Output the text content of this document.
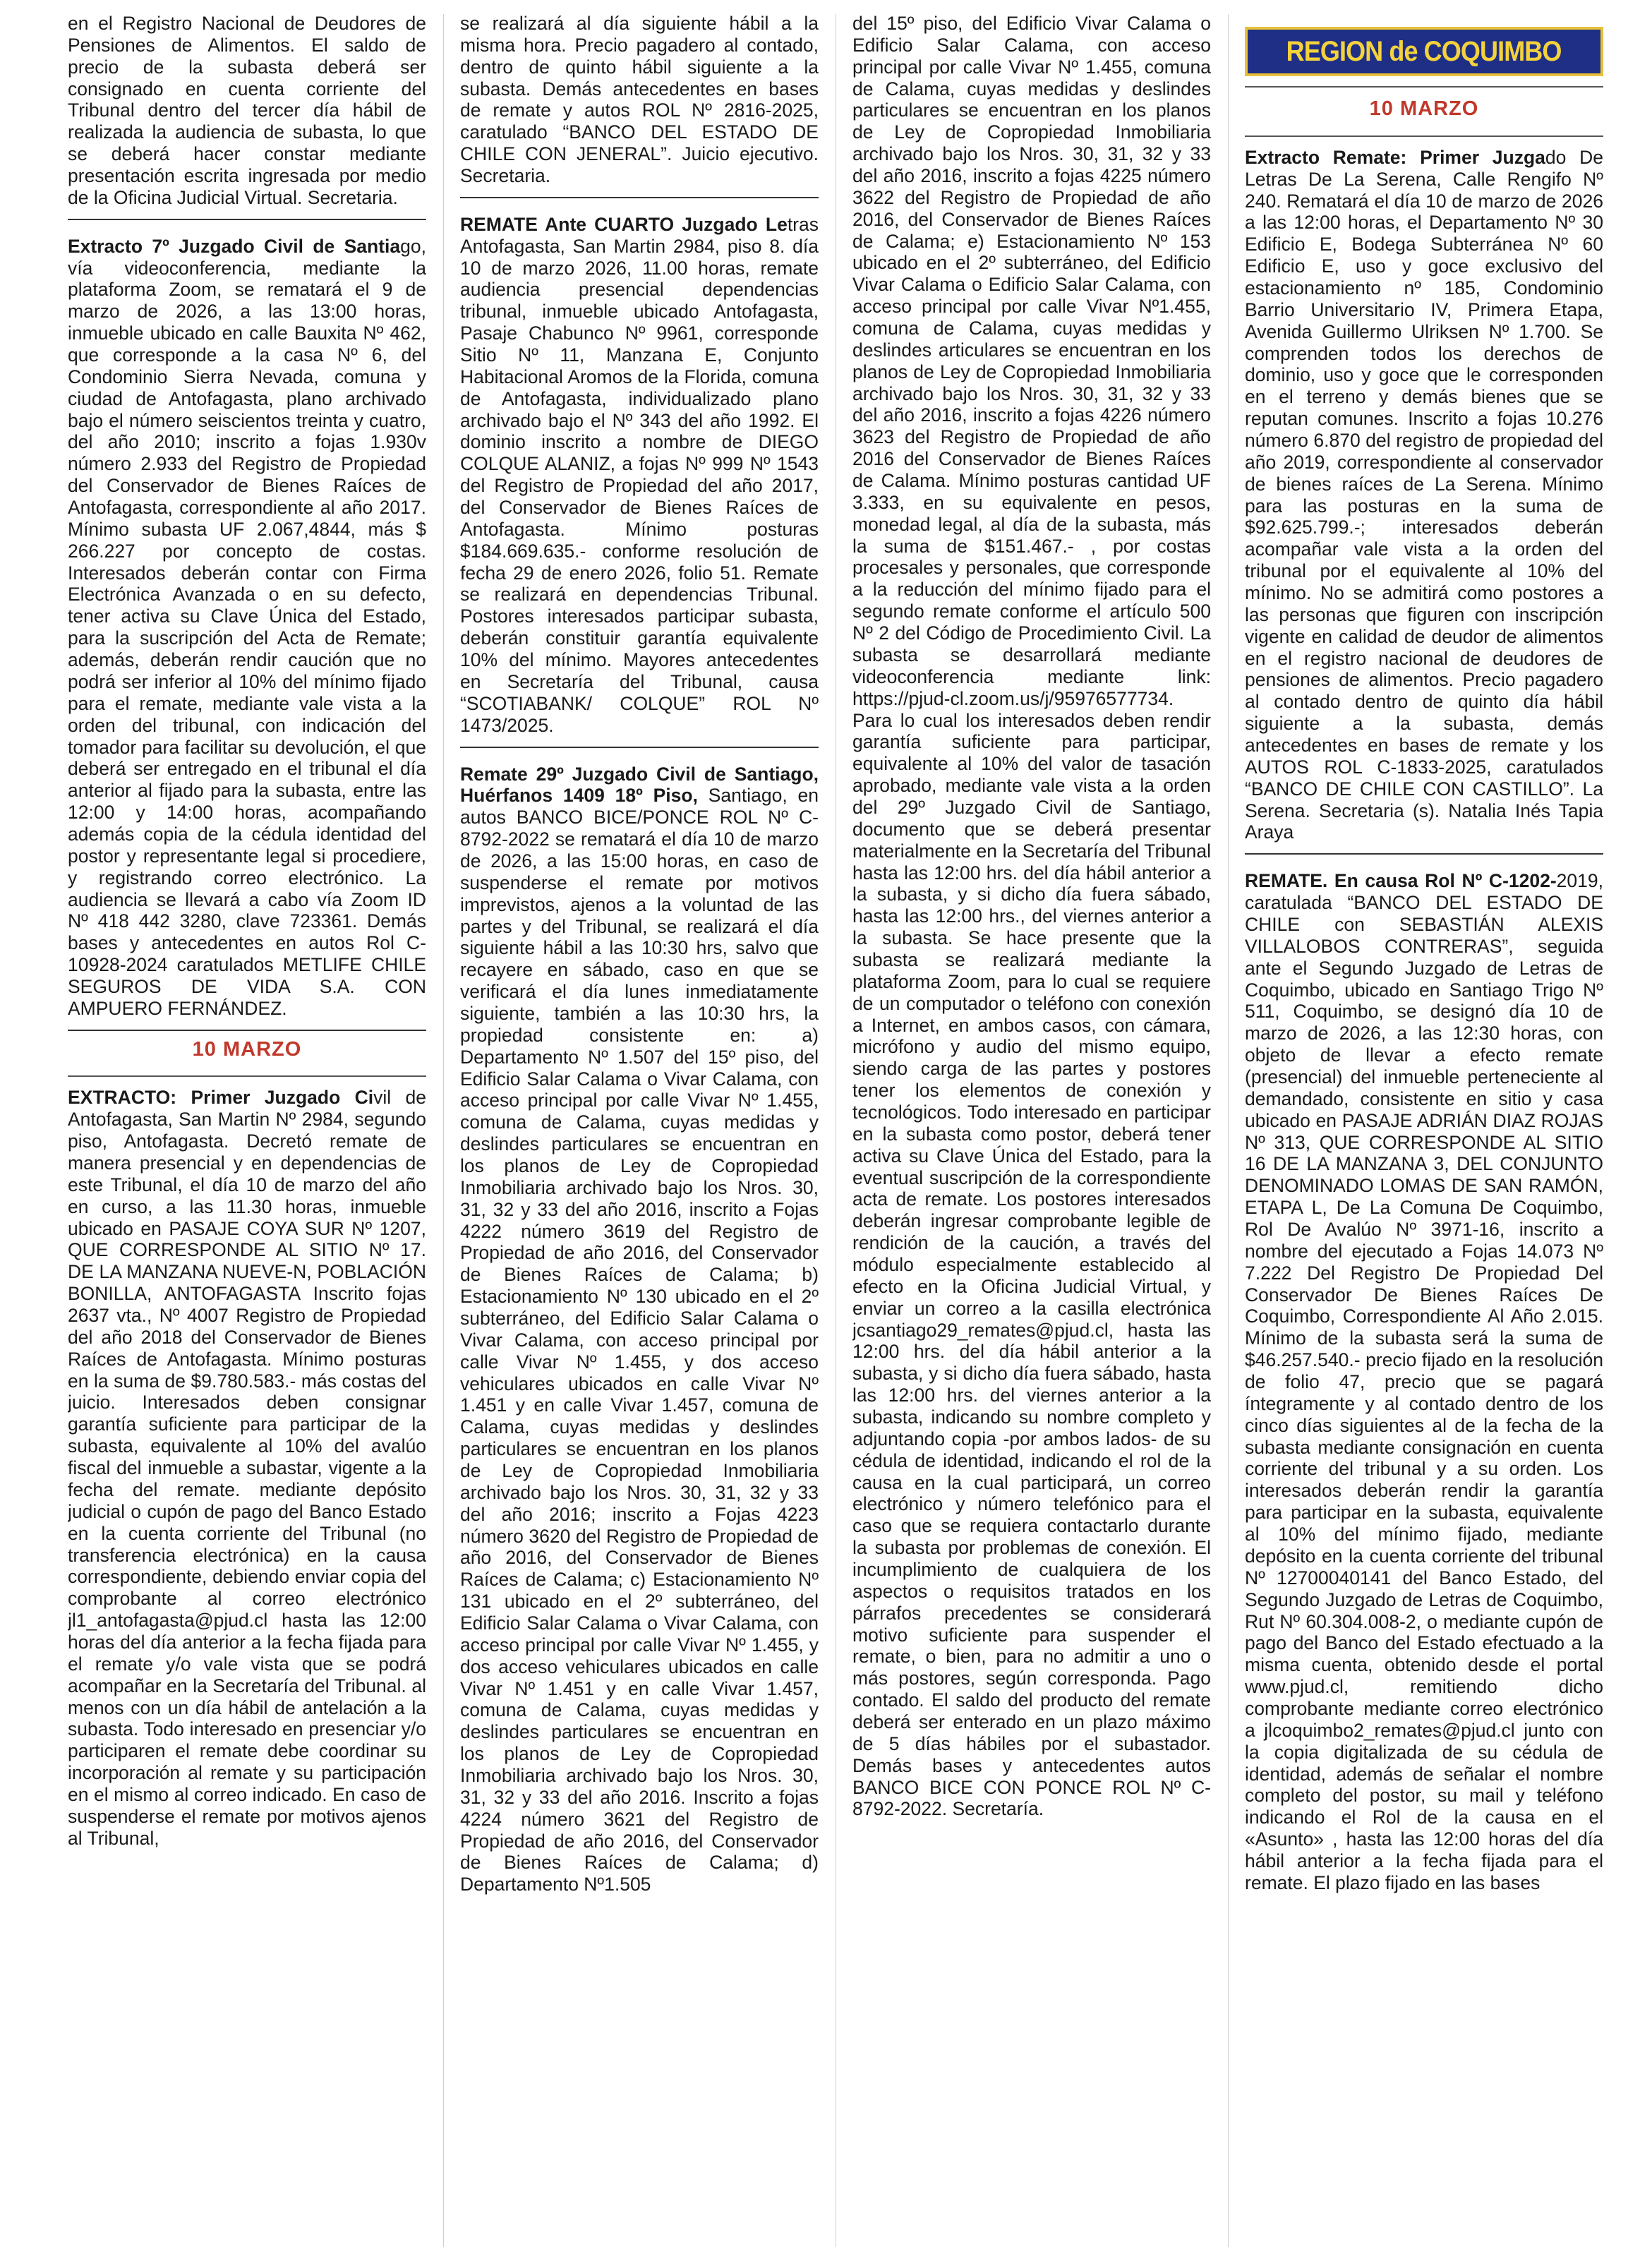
en el Registro Nacional de Deudores de Pensiones de Alimentos. El saldo de precio de la subasta deberá ser consignado en cuenta corriente del Tribunal dentro del tercer día hábil de realizada la audiencia de subasta, lo que se deberá hacer constar mediante presentación escrita ingresada por medio de la Oficina Judicial Virtual. Secretaria.

Extracto 7º Juzgado Civil de Santiago, vía videoconferencia, mediante la plataforma Zoom, se rematará el 9 de marzo de 2026, a las 13:00 horas, inmueble ubicado en calle Bauxita Nº 462, que corresponde a la casa Nº 6, del Condominio Sierra Nevada, comuna y ciudad de Antofagasta, plano archivado bajo el número seiscientos treinta y cuatro, del año 2010; inscrito a fojas 1.930v número 2.933 del Registro de Propiedad del Conservador de Bienes Raíces de Antofagasta, correspondiente al año 2017. Mínimo subasta UF 2.067,4844, más $ 266.227 por concepto de costas. Interesados deberán contar con Firma Electrónica Avanzada o en su defecto, tener activa su Clave Única del Estado, para la suscripción del Acta de Remate; además, deberán rendir caución que no podrá ser inferior al 10% del mínimo fijado para el remate, mediante vale vista a la orden del tribunal, con indicación del tomador para facilitar su devolución, el que deberá ser entregado en el tribunal el día anterior al fijado para la subasta, entre las 12:00 y 14:00 horas, acompañando además copia de la cédula identidad del postor y representante legal si procediere, y registrando correo electrónico. La audiencia se llevará a cabo vía Zoom ID Nº 418 442 3280, clave 723361. Demás bases y antecedentes en autos Rol C-10928-2024 caratulados METLIFE CHILE SEGUROS DE VIDA S.A. CON AMPUERO FERNÁNDEZ.

10 MARZO

EXTRACTO: Primer Juzgado Civil de Antofagasta, San Martin Nº 2984, segundo piso, Antofagasta. Decretó remate de manera presencial y en dependencias de este Tribunal, el día 10 de marzo del año en curso, a las 11.30 horas, inmueble ubicado en PASAJE COYA SUR Nº 1207, QUE CORRESPONDE AL SITIO Nº 17. DE LA MANZANA NUEVE-N, POBLACIÓN BONILLA, ANTOFAGASTA Inscrito fojas 2637 vta., Nº 4007 Registro de Propiedad del año 2018 del Conservador de Bienes Raíces de Antofagasta. Mínimo posturas en la suma de $9.780.583.- más costas del juicio. Interesados deben consignar garantía suficiente para participar de la subasta, equivalente al 10% del avalúo fiscal del inmueble a subastar, vigente a la fecha del remate. mediante depósito judicial o cupón de pago del Banco Estado en la cuenta corriente del Tribunal (no transferencia electrónica) en la causa correspondiente, debiendo enviar copia del comprobante al correo electrónico jl1_antofagasta@pjud.cl hasta las 12:00 horas del día anterior a la fecha fijada para el remate y/o vale vista que se podrá acompañar en la Secretaría del Tribunal. al menos con un día hábil de antelación a la subasta. Todo interesado en presenciar y/o participaren el remate debe coordinar su incorporación al remate y su participación en el mismo al correo indicado. En caso de suspenderse el remate por motivos ajenos al Tribunal,

se realizará al día siguiente hábil a la misma hora. Precio pagadero al contado, dentro de quinto hábil siguiente a la subasta. Demás antecedentes en bases de remate y autos ROL Nº 2816-2025, caratulado “BANCO DEL ESTADO DE CHILE CON JENERAL”. Juicio ejecutivo. Secretaria.

REMATE Ante CUARTO Juzgado Letras Antofagasta, San Martin 2984, piso 8. día 10 de marzo 2026, 11.00 horas, remate audiencia presencial dependencias tribunal, inmueble ubicado Antofagasta, Pasaje Chabunco Nº 9961, corresponde Sitio Nº 11, Manzana E, Conjunto Habitacional Aromos de la Florida, comuna de Antofagasta, individualizado plano archivado bajo el Nº 343 del año 1992. El dominio inscrito a nombre de DIEGO COLQUE ALANIZ, a fojas Nº 999 Nº 1543 del Registro de Propiedad del año 2017, del Conservador de Bienes Raíces de Antofagasta. Mínimo posturas $184.669.635.- conforme resolución de fecha 29 de enero 2026, folio 51. Remate se realizará en dependencias Tribunal. Postores interesados participar subasta, deberán constituir garantía equivalente 10% del mínimo. Mayores antecedentes en Secretaría del Tribunal, causa “SCOTIABANK/ COLQUE” ROL Nº 1473/2025.

Remate 29º Juzgado Civil de Santiago, Huérfanos 1409 18º Piso, Santiago, en autos BANCO BICE/PONCE ROL Nº C-8792-2022 se rematará el día 10 de marzo de 2026, a las 15:00 horas, en caso de suspenderse el remate por motivos imprevistos, ajenos a la voluntad de las partes y del Tribunal, se realizará el día siguiente hábil a las 10:30 hrs, salvo que recayere en sábado, caso en que se verificará el día lunes inmediatamente siguiente, también a las 10:30 hrs, la propiedad consistente en: a) Departamento Nº 1.507 del 15º piso, del Edificio Salar Calama o Vivar Calama, con acceso principal por calle Vivar Nº 1.455, comuna de Calama, cuyas medidas y deslindes particulares se encuentran en los planos de Ley de Copropiedad Inmobiliaria archivado bajo los Nros. 30, 31, 32 y 33 del año 2016, inscrito a Fojas 4222 número 3619 del Registro de Propiedad de año 2016, del Conservador de Bienes Raíces de Calama; b) Estacionamiento Nº 130 ubicado en el 2º subterráneo, del Edificio Salar Calama o Vivar Calama, con acceso principal por calle Vivar Nº 1.455, y dos acceso vehiculares ubicados en calle Vivar Nº 1.451 y en calle Vivar 1.457, comuna de Calama, cuyas medidas y deslindes particulares se encuentran en los planos de Ley de Copropiedad Inmobiliaria archivado bajo los Nros. 30, 31, 32 y 33 del año 2016; inscrito a Fojas 4223 número 3620 del Registro de Propiedad de año 2016, del Conservador de Bienes Raíces de Calama; c) Estacionamiento Nº 131 ubicado en el 2º subterráneo, del Edificio Salar Calama o Vivar Calama, con acceso principal por calle Vivar Nº 1.455, y dos acceso vehiculares ubicados en calle Vivar Nº 1.451 y en calle Vivar 1.457, comuna de Calama, cuyas medidas y deslindes particulares se encuentran en los planos de Ley de Copropiedad Inmobiliaria archivado bajo los Nros. 30, 31, 32 y 33 del año 2016. Inscrito a fojas 4224 número 3621 del Registro de Propiedad de año 2016, del Conservador de Bienes Raíces de Calama; d) Departamento Nº1.505

del 15º piso, del Edificio Vivar Calama o Edificio Salar Calama, con acceso principal por calle Vivar Nº 1.455, comuna de Calama, cuyas medidas y deslindes particulares se encuentran en los planos de Ley de Copropiedad Inmobiliaria archivado bajo los Nros. 30, 31, 32 y 33 del año 2016, inscrito a fojas 4225 número 3622 del Registro de Propiedad de año 2016, del Conservador de Bienes Raíces de Calama; e) Estacionamiento Nº 153 ubicado en el 2º subterráneo, del Edificio Vivar Calama o Edificio Salar Calama, con acceso principal por calle Vivar Nº1.455, comuna de Calama, cuyas medidas y deslindes articulares se encuentran en los planos de Ley de Copropiedad Inmobiliaria archivado bajo los Nros. 30, 31, 32 y 33 del año 2016, inscrito a fojas 4226 número 3623 del Registro de Propiedad de año 2016 del Conservador de Bienes Raíces de Calama. Mínimo posturas cantidad UF 3.333, en su equivalente en pesos, monedad legal, al día de la subasta, más la suma de $151.467.- , por costas procesales y personales, que corresponde a la reducción del mínimo fijado para el segundo remate conforme el artículo 500 Nº 2 del Código de Procedimiento Civil. La subasta se desarrollará mediante videoconferencia mediante link: https://pjud-cl.zoom.us/j/95976577734. Para lo cual los interesados deben rendir garantía suficiente para participar, equivalente al 10% del valor de tasación aprobado, mediante vale vista a la orden del 29º Juzgado Civil de Santiago, documento que se deberá presentar materialmente en la Secretaría del Tribunal hasta las 12:00 hrs. del día hábil anterior a la subasta, y si dicho día fuera sábado, hasta las 12:00 hrs., del viernes anterior a la subasta. Se hace presente que la subasta se realizará mediante la plataforma Zoom, para lo cual se requiere de un computador o teléfono con conexión a Internet, en ambos casos, con cámara, micrófono y audio del mismo equipo, siendo carga de las partes y postores tener los elementos de conexión y tecnológicos. Todo interesado en participar en la subasta como postor, deberá tener activa su Clave Única del Estado, para la eventual suscripción de la correspondiente acta de remate. Los postores interesados deberán ingresar comprobante legible de rendición de la caución, a través del módulo especialmente establecido al efecto en la Oficina Judicial Virtual, y enviar un correo a la casilla electrónica jcsantiago29_remates@pjud.cl, hasta las 12:00 hrs. del día hábil anterior a la subasta, y si dicho día fuera sábado, hasta las 12:00 hrs. del viernes anterior a la subasta, indicando su nombre completo y adjuntando copia -por ambos lados- de su cédula de identidad, indicando el rol de la causa en la cual participará, un correo electrónico y número telefónico para el caso que se requiera contactarlo durante la subasta por problemas de conexión. El incumplimiento de cualquiera de los aspectos o requisitos tratados en los párrafos precedentes se considerará motivo suficiente para suspender el remate, o bien, para no admitir a uno o más postores, según corresponda. Pago contado. El saldo del producto del remate deberá ser enterado en un plazo máximo de 5 días hábiles por el subastador. Demás bases y antecedentes autos BANCO BICE CON PONCE ROL Nº C-8792-2022. Secretaría.

REGION de COQUIMBO
10 MARZO

Extracto Remate: Primer Juzgado De Letras De La Serena, Calle Rengifo Nº 240. Rematará el día 10 de marzo de 2026 a las 12:00 horas, el Departamento Nº 30 Edificio E, Bodega Subterránea Nº 60 Edificio E, uso y goce exclusivo del estacionamiento nº 185, Condominio Barrio Universitario IV, Primera Etapa, Avenida Guillermo Ulriksen Nº 1.700. Se comprenden todos los derechos de dominio, uso y goce que le corresponden en el terreno y demás bienes que se reputan comunes. Inscrito a fojas 10.276 número 6.870 del registro de propiedad del año 2019, correspondiente al conservador de bienes raíces de La Serena. Mínimo para las posturas en la suma de $92.625.799.-; interesados deberán acompañar vale vista a la orden del tribunal por el equivalente al 10% del mínimo. No se admitirá como postores a las personas que figuren con inscripción vigente en calidad de deudor de alimentos en el registro nacional de deudores de pensiones de alimentos. Precio pagadero al contado dentro de quinto día hábil siguiente a la subasta, demás antecedentes en bases de remate y los AUTOS ROL C-1833-2025, caratulados “BANCO DE CHILE CON CASTILLO”. La Serena. Secretaria (s). Natalia Inés Tapia Araya

REMATE. En causa Rol Nº C-1202-2019, caratulada “BANCO DEL ESTADO DE CHILE con SEBASTIÁN ALEXIS VILLALOBOS CONTRERAS”, seguida ante el Segundo Juzgado de Letras de Coquimbo, ubicado en Santiago Trigo Nº 511, Coquimbo, se designó día 10 de marzo de 2026, a las 12:30 horas, con objeto de llevar a efecto remate (presencial) del inmueble perteneciente al demandado, consistente en sitio y casa ubicado en PASAJE ADRIÁN DIAZ ROJAS Nº 313, QUE CORRESPONDE AL SITIO 16 DE LA MANZANA 3, DEL CONJUNTO DENOMINADO LOMAS DE SAN RAMÓN, ETAPA L, De La Comuna De Coquimbo, Rol De Avalúo Nº 3971-16, inscrito a nombre del ejecutado a Fojas 14.073 Nº 7.222 Del Registro De Propiedad Del Conservador De Bienes Raíces De Coquimbo, Correspondiente Al Año 2.015. Mínimo de la subasta será la suma de $46.257.540.- precio fijado en la resolución de folio 47, precio que se pagará íntegramente y al contado dentro de los cinco días siguientes al de la fecha de la subasta mediante consignación en cuenta corriente del tribunal y a su orden. Los interesados deberán rendir la garantía para participar en la subasta, equivalente al 10% del mínimo fijado, mediante depósito en la cuenta corriente del tribunal Nº 12700040141 del Banco Estado, del Segundo Juzgado de Letras de Coquimbo, Rut Nº 60.304.008-2, o mediante cupón de pago del Banco del Estado efectuado a la misma cuenta, obtenido desde el portal www.pjud.cl, remitiendo dicho comprobante mediante correo electrónico a jlcoquimbo2_remates@pjud.cl junto con la copia digitalizada de su cédula de identidad, además de señalar el nombre completo del postor, su mail y teléfono indicando el Rol de la causa en el «Asunto» , hasta las 12:00 horas del día hábil anterior a la fecha fijada para el remate. El plazo fijado en las bases
